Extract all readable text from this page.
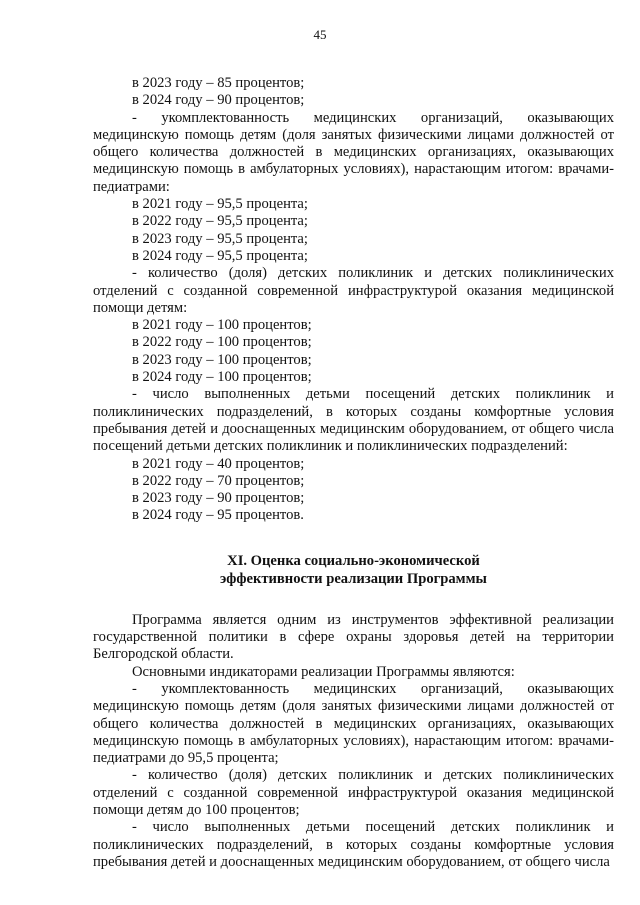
45

в 2023 году – 85 процентов;

в 2024 году – 90 процентов;

- укомплектованность медицинских организаций, оказывающих медицинскую помощь детям (доля занятых физическими лицами должностей от общего количества должностей в медицинских организациях, оказывающих медицинскую помощь в амбулаторных условиях), нарастающим итогом: врачами-педиатрами:

в 2021 году – 95,5 процента;

в 2022 году – 95,5 процента;

в 2023 году – 95,5 процента;

в 2024 году – 95,5 процента;

- количество (доля) детских поликлиник и детских поликлинических отделений с созданной современной инфраструктурой оказания медицинской помощи детям:

в 2021 году – 100 процентов;

в 2022 году – 100 процентов;

в 2023 году – 100 процентов;

в 2024 году – 100 процентов;

- число выполненных детьми посещений детских поликлиник и поликлинических подразделений, в которых созданы комфортные условия пребывания детей и дооснащенных медицинским оборудованием, от общего числа посещений детьми детских поликлиник и поликлинических подразделений:

в 2021 году – 40 процентов;

в 2022 году – 70 процентов;

в 2023 году – 90 процентов;

в 2024 году – 95 процентов.

XI. Оценка социально-экономической
эффективности реализации Программы

Программа является одним из инструментов эффективной реализации государственной политики в сфере охраны здоровья детей на территории Белгородской области.

Основными индикаторами реализации Программы являются:

- укомплектованность медицинских организаций, оказывающих медицинскую помощь детям (доля занятых физическими лицами должностей от общего количества должностей в медицинских организациях, оказывающих медицинскую помощь в амбулаторных условиях), нарастающим итогом: врачами-педиатрами до 95,5 процента;

- количество (доля) детских поликлиник и детских поликлинических отделений с созданной современной инфраструктурой оказания медицинской помощи детям до 100 процентов;

- число выполненных детьми посещений детских поликлиник и поликлинических подразделений, в которых созданы комфортные условия пребывания детей и дооснащенных медицинским оборудованием, от общего числа
